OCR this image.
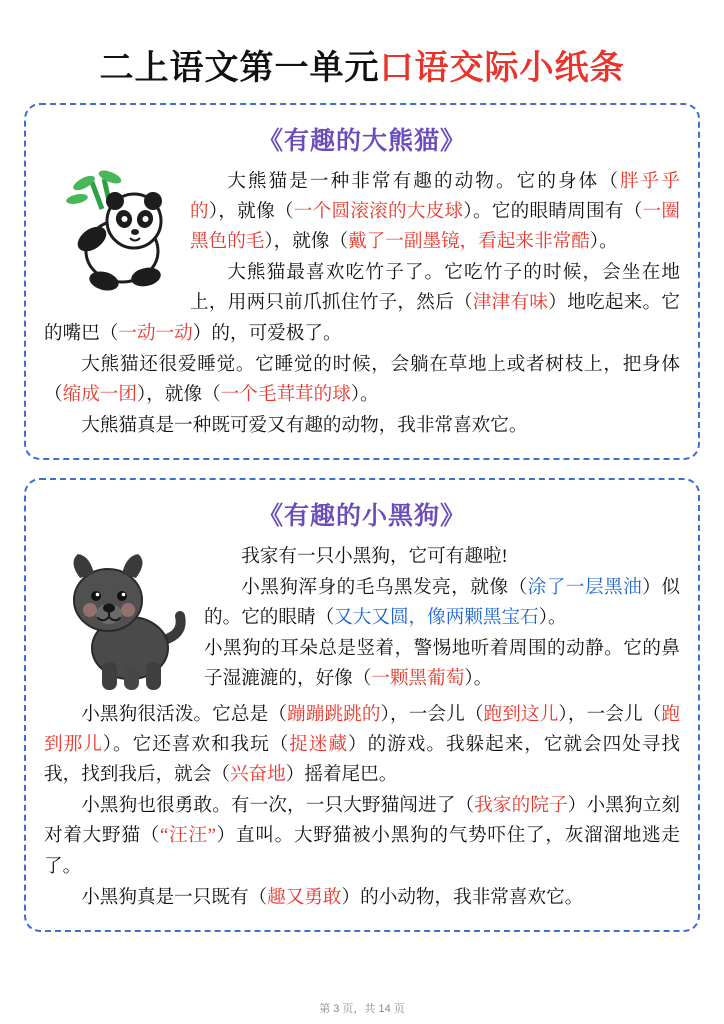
二上语文第一单元 口语交际小纸条
《有趣的大熊猫》

大熊猫是一种非常有趣的动物。它的身体（胖乎乎的），就像（一个圆滚滚的大皮球）。它的眼睛周围有（一圈黑色的毛），就像（戴了一副墨镜，看起来非常酷）。

大熊猫最喜欢吃竹子了。它吃竹子的时候，会坐在地上，用两只前爪抓住竹子，然后（津津有味）地吃起来。它的嘴巴（一动一动）的，可爱极了。

大熊猫还很爱睡觉。它睡觉的时候，会躺在草地上或者树枝上，把身体（缩成一团），就像（一个毛茸茸的球）。

大熊猫真是一种既可爱又有趣的动物，我非常喜欢它。

《有趣的小黑狗》

我家有一只小黑狗，它可有趣啦!

小黑狗浑身的毛乌黑发亮，就像（涂了一层黑油）似的。它的眼睛（又大又圆，像两颗黑宝石）。

小黑狗的耳朵总是竖着，警惕地听着周围的动静。它的鼻子湿漉漉的，好像（一颗黑葡萄）。

小黑狗很活泼。它总是（蹦蹦跳跳的），一会儿（跑到这儿），一会儿（跑到那儿）。它还喜欢和我玩（捉迷藏）的游戏。我躲起来，它就会四处寻找我，找到我后，就会（兴奋地）摇着尾巴。

小黑狗也很勇敢。有一次，一只大野猫闯进了（我家的院子）小黑狗立刻对着大野猫（“汪汪”）直叫。大野猫被小黑狗的气势吓住了，灰溜溜地逃走了。

小黑狗真是一只既有（趣又勇敢）的小动物，我非常喜欢它。

第 3 页，共 14 页
